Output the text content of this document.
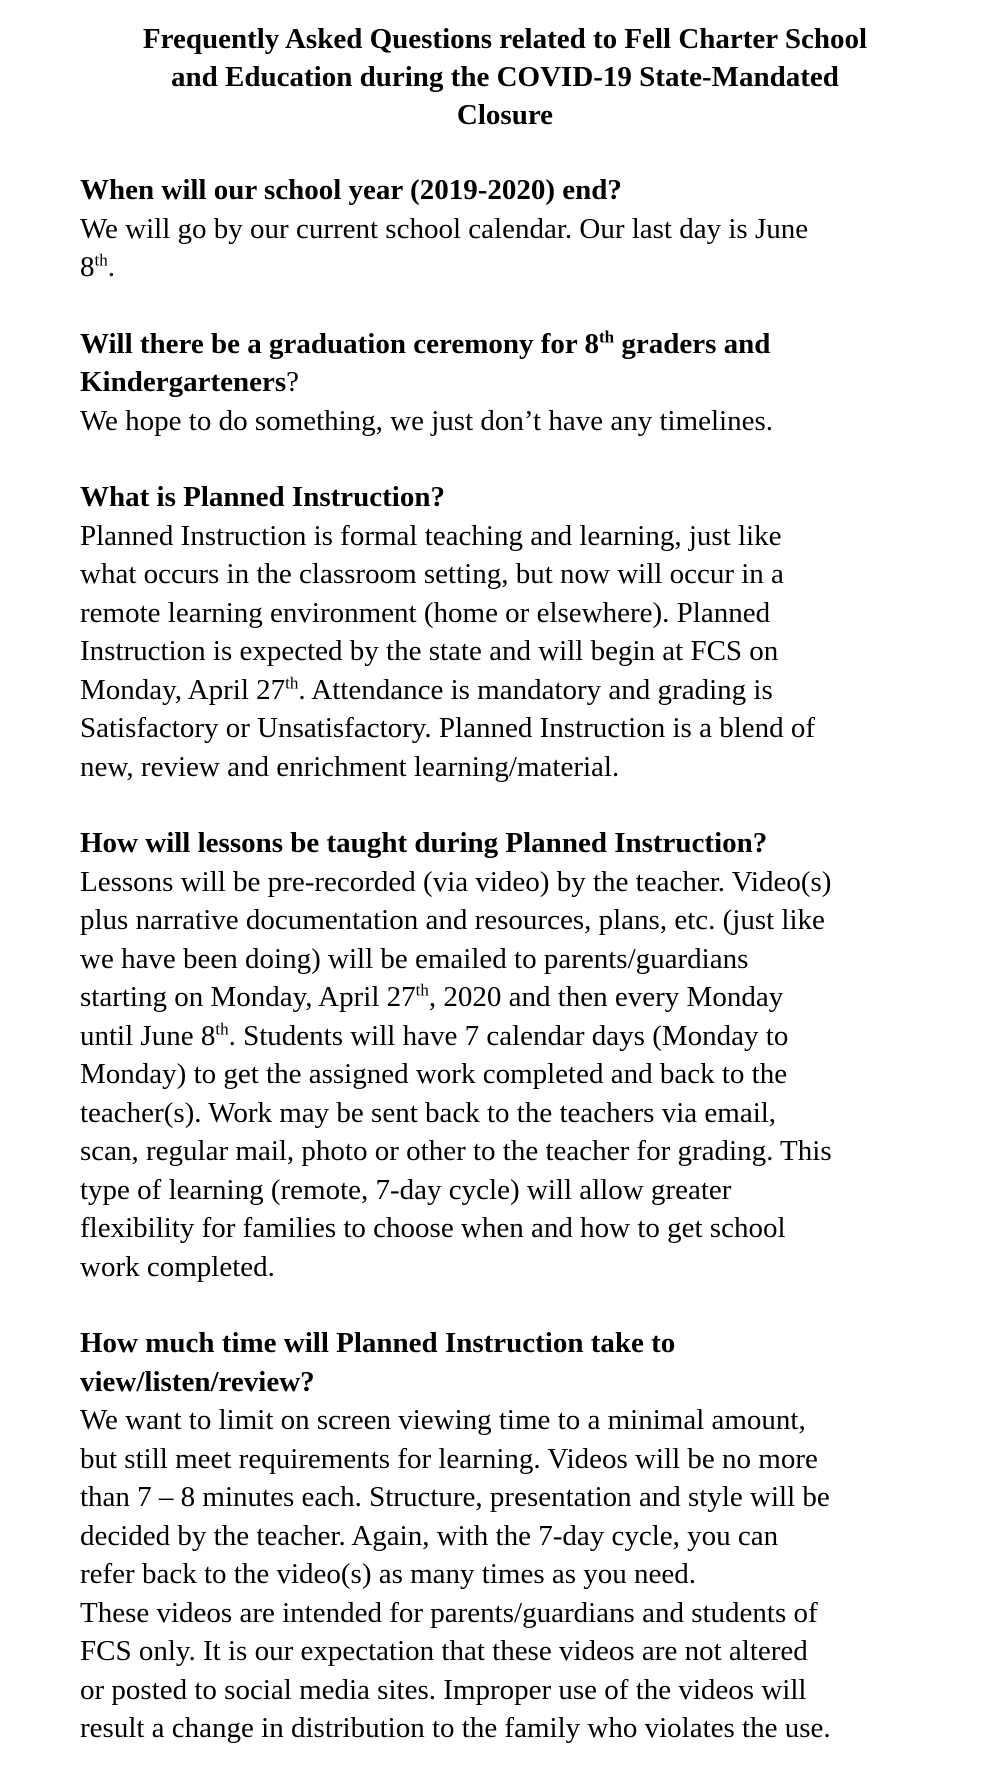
Frequently Asked Questions related to Fell Charter School
and Education during the COVID-19 State-Mandated
Closure

When will our school year (2019-2020) end?

We will go by our current school calendar. Our last day is June
8th.

Will there be a graduation ceremony for 8th graders and
Kindergarteners?

We hope to do something, we just don’t have any timelines.

What is Planned Instruction?

Planned Instruction is formal teaching and learning, just like
what occurs in the classroom setting, but now will occur in a
remote learning environment (home or elsewhere). Planned
Instruction is expected by the state and will begin at FCS on
Monday, April 27th. Attendance is mandatory and grading is
Satisfactory or Unsatisfactory. Planned Instruction is a blend of
new, review and enrichment learning/material.

How will lessons be taught during Planned Instruction?

Lessons will be pre-recorded (via video) by the teacher. Video(s)
plus narrative documentation and resources, plans, etc. (just like
we have been doing) will be emailed to parents/guardians
starting on Monday, April 27th, 2020 and then every Monday
until June 8th. Students will have 7 calendar days (Monday to
Monday) to get the assigned work completed and back to the
teacher(s). Work may be sent back to the teachers via email,
scan, regular mail, photo or other to the teacher for grading. This
type of learning (remote, 7-day cycle) will allow greater
flexibility for families to choose when and how to get school
work completed.

How much time will Planned Instruction take to
view/listen/review?

We want to limit on screen viewing time to a minimal amount,
but still meet requirements for learning. Videos will be no more
than 7 – 8 minutes each. Structure, presentation and style will be
decided by the teacher. Again, with the 7-day cycle, you can
refer back to the video(s) as many times as you need.
These videos are intended for parents/guardians and students of
FCS only. It is our expectation that these videos are not altered
or posted to social media sites. Improper use of the videos will
result a change in distribution to the family who violates the use.
